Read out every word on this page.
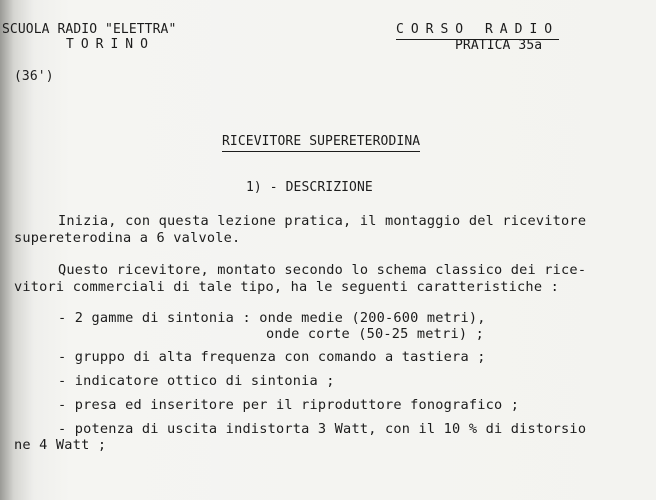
SCUOLA RADIO "ELETTRA"
TORINO
CORSO RADIO
PRATICA 35a
(36')
RICEVITORE SUPERETERODINA
1) - DESCRIZIONE
Inizia, con questa lezione pratica, il montaggio del ricevitore
supereterodina a 6 valvole.
Questo ricevitore, montato secondo lo schema classico dei rice-
vitori commerciali di tale tipo, ha le seguenti caratteristiche :
- 2 gamme di sintonia : onde medie (200-600 metri),
onde corte (50-25 metri) ;
- gruppo di alta frequenza con comando a tastiera ;
- indicatore ottico di sintonia ;
- presa ed inseritore per il riproduttore fonografico ;
- potenza di uscita indistorta 3 Watt, con il 10 % di distorsio
ne 4 Watt ;
